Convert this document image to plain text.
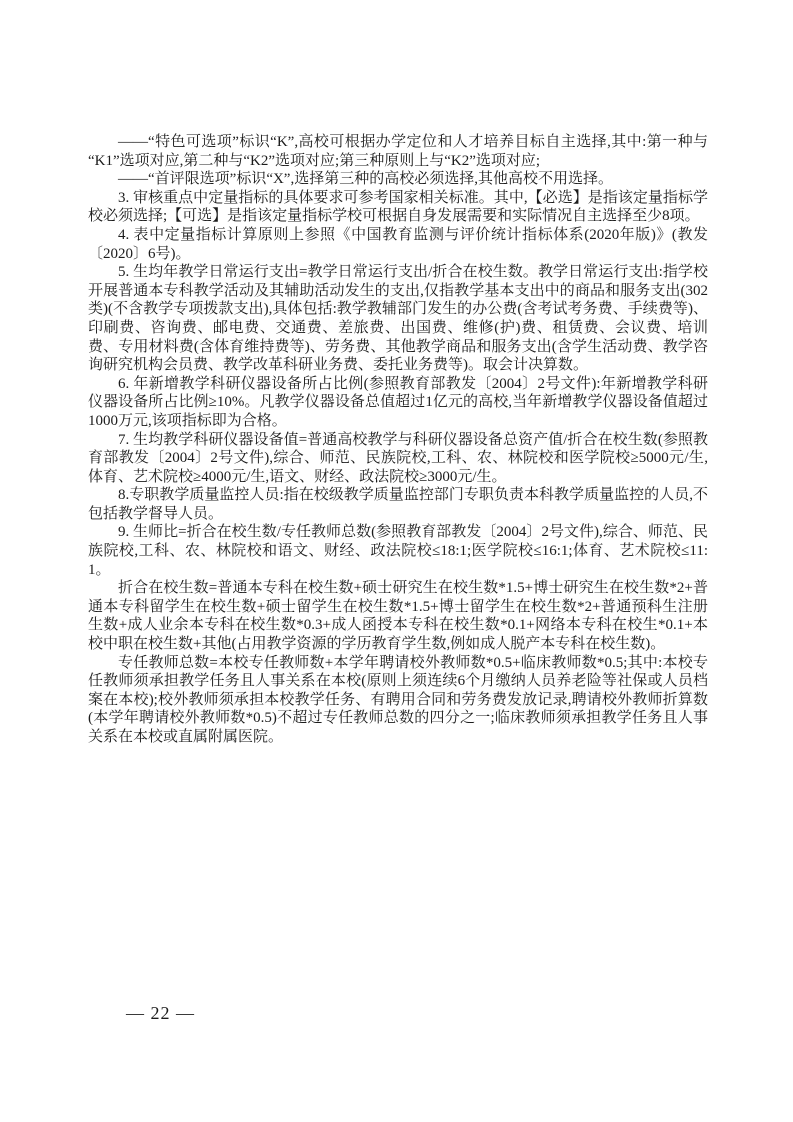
——“特色可选项”标识“K”,高校可根据办学定位和人才培养目标自主选择,其中:第一种与“K1”选项对应,第二种与“K2”选项对应;第三种原则上与“K2”选项对应;

——“首评限选项”标识“X”,选择第三种的高校必须选择,其他高校不用选择。

3. 审核重点中定量指标的具体要求可参考国家相关标准。其中,【必选】是指该定量指标学校必须选择;【可选】是指该定量指标学校可根据自身发展需要和实际情况自主选择至少8项。

4. 表中定量指标计算原则上参照《中国教育监测与评价统计指标体系(2020年版)》(教发〔2020〕6号)。

5. 生均年教学日常运行支出=教学日常运行支出/折合在校生数。教学日常运行支出:指学校开展普通本专科教学活动及其辅助活动发生的支出,仅指教学基本支出中的商品和服务支出(302类)(不含教学专项拨款支出),具体包括:教学教辅部门发生的办公费(含考试考务费、手续费等)、印刷费、咨询费、邮电费、交通费、差旅费、出国费、维修(护)费、租赁费、会议费、培训费、专用材料费(含体育维持费等)、劳务费、其他教学商品和服务支出(含学生活动费、教学咨询研究机构会员费、教学改革科研业务费、委托业务费等)。取会计决算数。

6. 年新增教学科研仪器设备所占比例(参照教育部教发〔2004〕2号文件):年新增教学科研仪器设备所占比例≥10%。凡教学仪器设备总值超过1亿元的高校,当年新增教学仪器设备值超过1000万元,该项指标即为合格。

7. 生均教学科研仪器设备值=普通高校教学与科研仪器设备总资产值/折合在校生数(参照教育部教发〔2004〕2号文件),综合、师范、民族院校,工科、农、林院校和医学院校≥5000元/生,体育、艺术院校≥4000元/生,语文、财经、政法院校≥3000元/生。

8.专职教学质量监控人员:指在校级教学质量监控部门专职负责本科教学质量监控的人员,不包括教学督导人员。

9. 生师比=折合在校生数/专任教师总数(参照教育部教发〔2004〕2号文件),综合、师范、民族院校,工科、农、林院校和语文、财经、政法院校≤18:1;医学院校≤16:1;体育、艺术院校≤11:1。

折合在校生数=普通本专科在校生数+硕士研究生在校生数*1.5+博士研究生在校生数*2+普通本专科留学生在校生数+硕士留学生在校生数*1.5+博士留学生在校生数*2+普通预科生注册生数+成人业余本专科在校生数*0.3+成人函授本专科在校生数*0.1+网络本专科在校生*0.1+本校中职在校生数+其他(占用教学资源的学历教育学生数,例如成人脱产本专科在校生数)。

专任教师总数=本校专任教师数+本学年聘请校外教师数*0.5+临床教师数*0.5;其中:本校专任教师须承担教学任务且人事关系在本校(原则上须连续6个月缴纳人员养老险等社保或人员档案在本校);校外教师须承担本校教学任务、有聘用合同和劳务费发放记录,聘请校外教师折算数(本学年聘请校外教师数*0.5)不超过专任教师总数的四分之一;临床教师须承担教学任务且人事关系在本校或直属附属医院。

— 22 —
